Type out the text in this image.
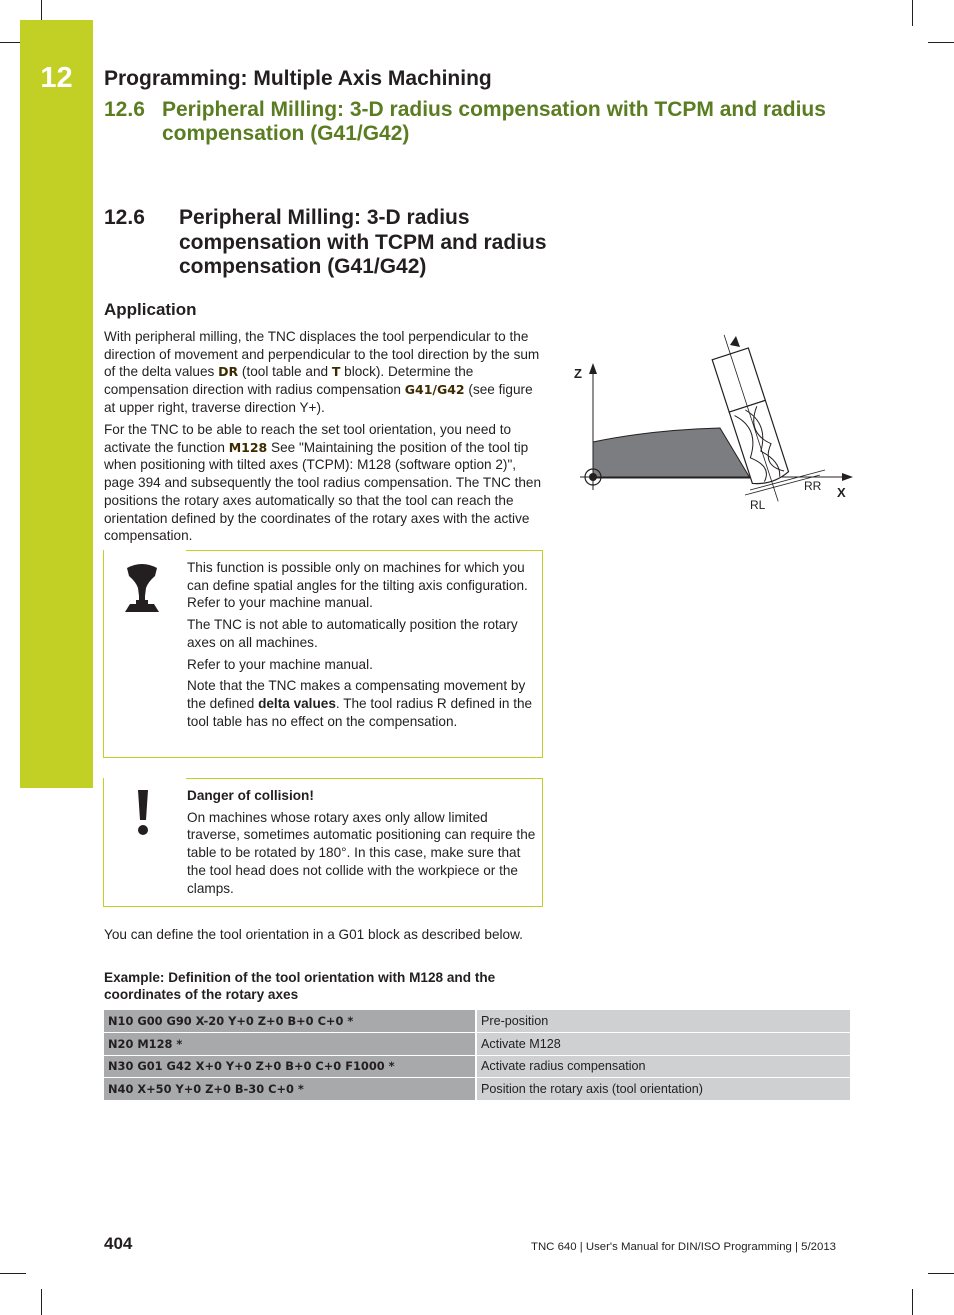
12	Programming: Multiple Axis Machining
12.6 Peripheral Milling: 3-D radius compensation with TCPM and radius compensation (G41/G42)
12.6 Peripheral Milling: 3-D radius compensation with TCPM and radius compensation (G41/G42)
Application
With peripheral milling, the TNC displaces the tool perpendicular to the direction of movement and perpendicular to the tool direction by the sum of the delta values DR (tool table and T block). Determine the compensation direction with radius compensation G41/G42 (see figure at upper right, traverse direction Y+).
For the TNC to be able to reach the set tool orientation, you need to activate the function M128 See "Maintaining the position of the tool tip when positioning with tilted axes (TCPM): M128 (software option 2)", page 394 and subsequently the tool radius compensation. The TNC then positions the rotary axes automatically so that the tool can reach the orientation defined by the coordinates of the rotary axes with the active compensation.

This function is possible only on machines for which you can define spatial angles for the tilting axis configuration. Refer to your machine manual.

The TNC is not able to automatically position the rotary axes on all machines.

Refer to your machine manual.

Note that the TNC makes a compensating movement by the defined delta values. The tool radius R defined in the tool table has no effect on the compensation.

Danger of collision!

On machines whose rotary axes only allow limited traverse, sometimes automatic positioning can require the table to be rotated by 180°. In this case, make sure that the tool head does not collide with the workpiece or the clamps.

You can define the tool orientation in a G01 block as described below.
Example: Definition of the tool orientation with M128 and the coordinates of the rotary axes
N10 G00 G90 X-20 Y+0 Z+0 B+0 C+0 *	Pre-position
N20 M128 *	Activate M128
N30 G01 G42 X+0 Y+0 Z+0 B+0 C+0 F1000 *	Activate radius compensation
N40 X+50 Y+0 Z+0 B-30 C+0 *	Position the rotary axis (tool orientation)
Z
X
RR
RL
404	TNC 640 | User's Manual for DIN/ISO Programming | 5/2013
